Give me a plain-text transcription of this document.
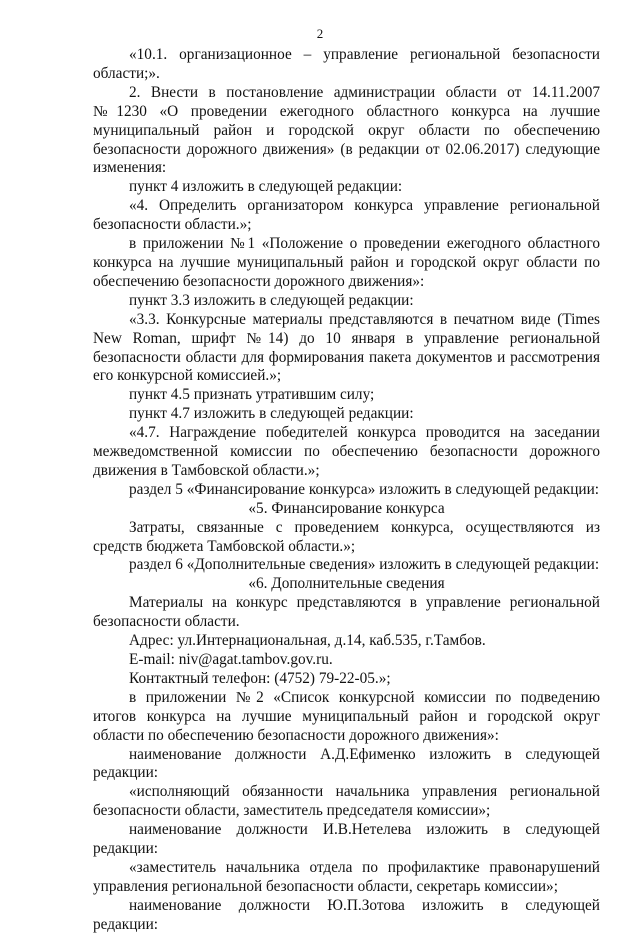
2

«10.1. организационное – управление региональной безопасности области;».

2. Внести в постановление администрации области от 14.11.2007 №1230 «О проведении ежегодного областного конкурса на лучшие муниципальный район и городской округ области по обеспечению безопасности дорожного движения» (в редакции от 02.06.2017) следующие изменения:

пункт 4 изложить в следующей редакции:

«4. Определить организатором конкурса управление региональной безопасности области.»;

в приложении №1 «Положение о проведении ежегодного областного конкурса на лучшие муниципальный район и городской округ области по обеспечению безопасности дорожного движения»:

пункт 3.3 изложить в следующей редакции:

«3.3. Конкурсные материалы представляются в печатном виде (Times New Roman, шрифт №14) до 10 января в управление региональной безопасности области для формирования пакета документов и рассмотрения его конкурсной комиссией.»;

пункт 4.5 признать утратившим силу;

пункт 4.7 изложить в следующей редакции:

«4.7. Награждение победителей конкурса проводится на заседании межведомственной комиссии по обеспечению безопасности дорожного движения в Тамбовской области.»;

раздел 5 «Финансирование конкурса» изложить в следующей редакции:

«5. Финансирование конкурса

Затраты, связанные с проведением конкурса, осуществляются из средств бюджета Тамбовской области.»;

раздел 6 «Дополнительные сведения» изложить в следующей редакции:

«6. Дополнительные сведения

Материалы на конкурс представляются в управление региональной безопасности области.

Адрес: ул.Интернациональная, д.14, каб.535, г.Тамбов.

E-mail: niv@agat.tambov.gov.ru.

Контактный телефон: (4752) 79-22-05.»;

в приложении №2 «Список конкурсной комиссии по подведению итогов конкурса на лучшие муниципальный район и городской округ области по обеспечению безопасности дорожного движения»:

наименование должности А.Д.Ефименко изложить в следующей редакции:

«исполняющий обязанности начальника управления региональной безопасности области, заместитель председателя комиссии»;

наименование должности И.В.Нетелева изложить в следующей редакции:

«заместитель начальника отдела по профилактике правонарушений управления региональной безопасности области, секретарь комиссии»;

наименование должности Ю.П.Зотова изложить в следующей редакции:
